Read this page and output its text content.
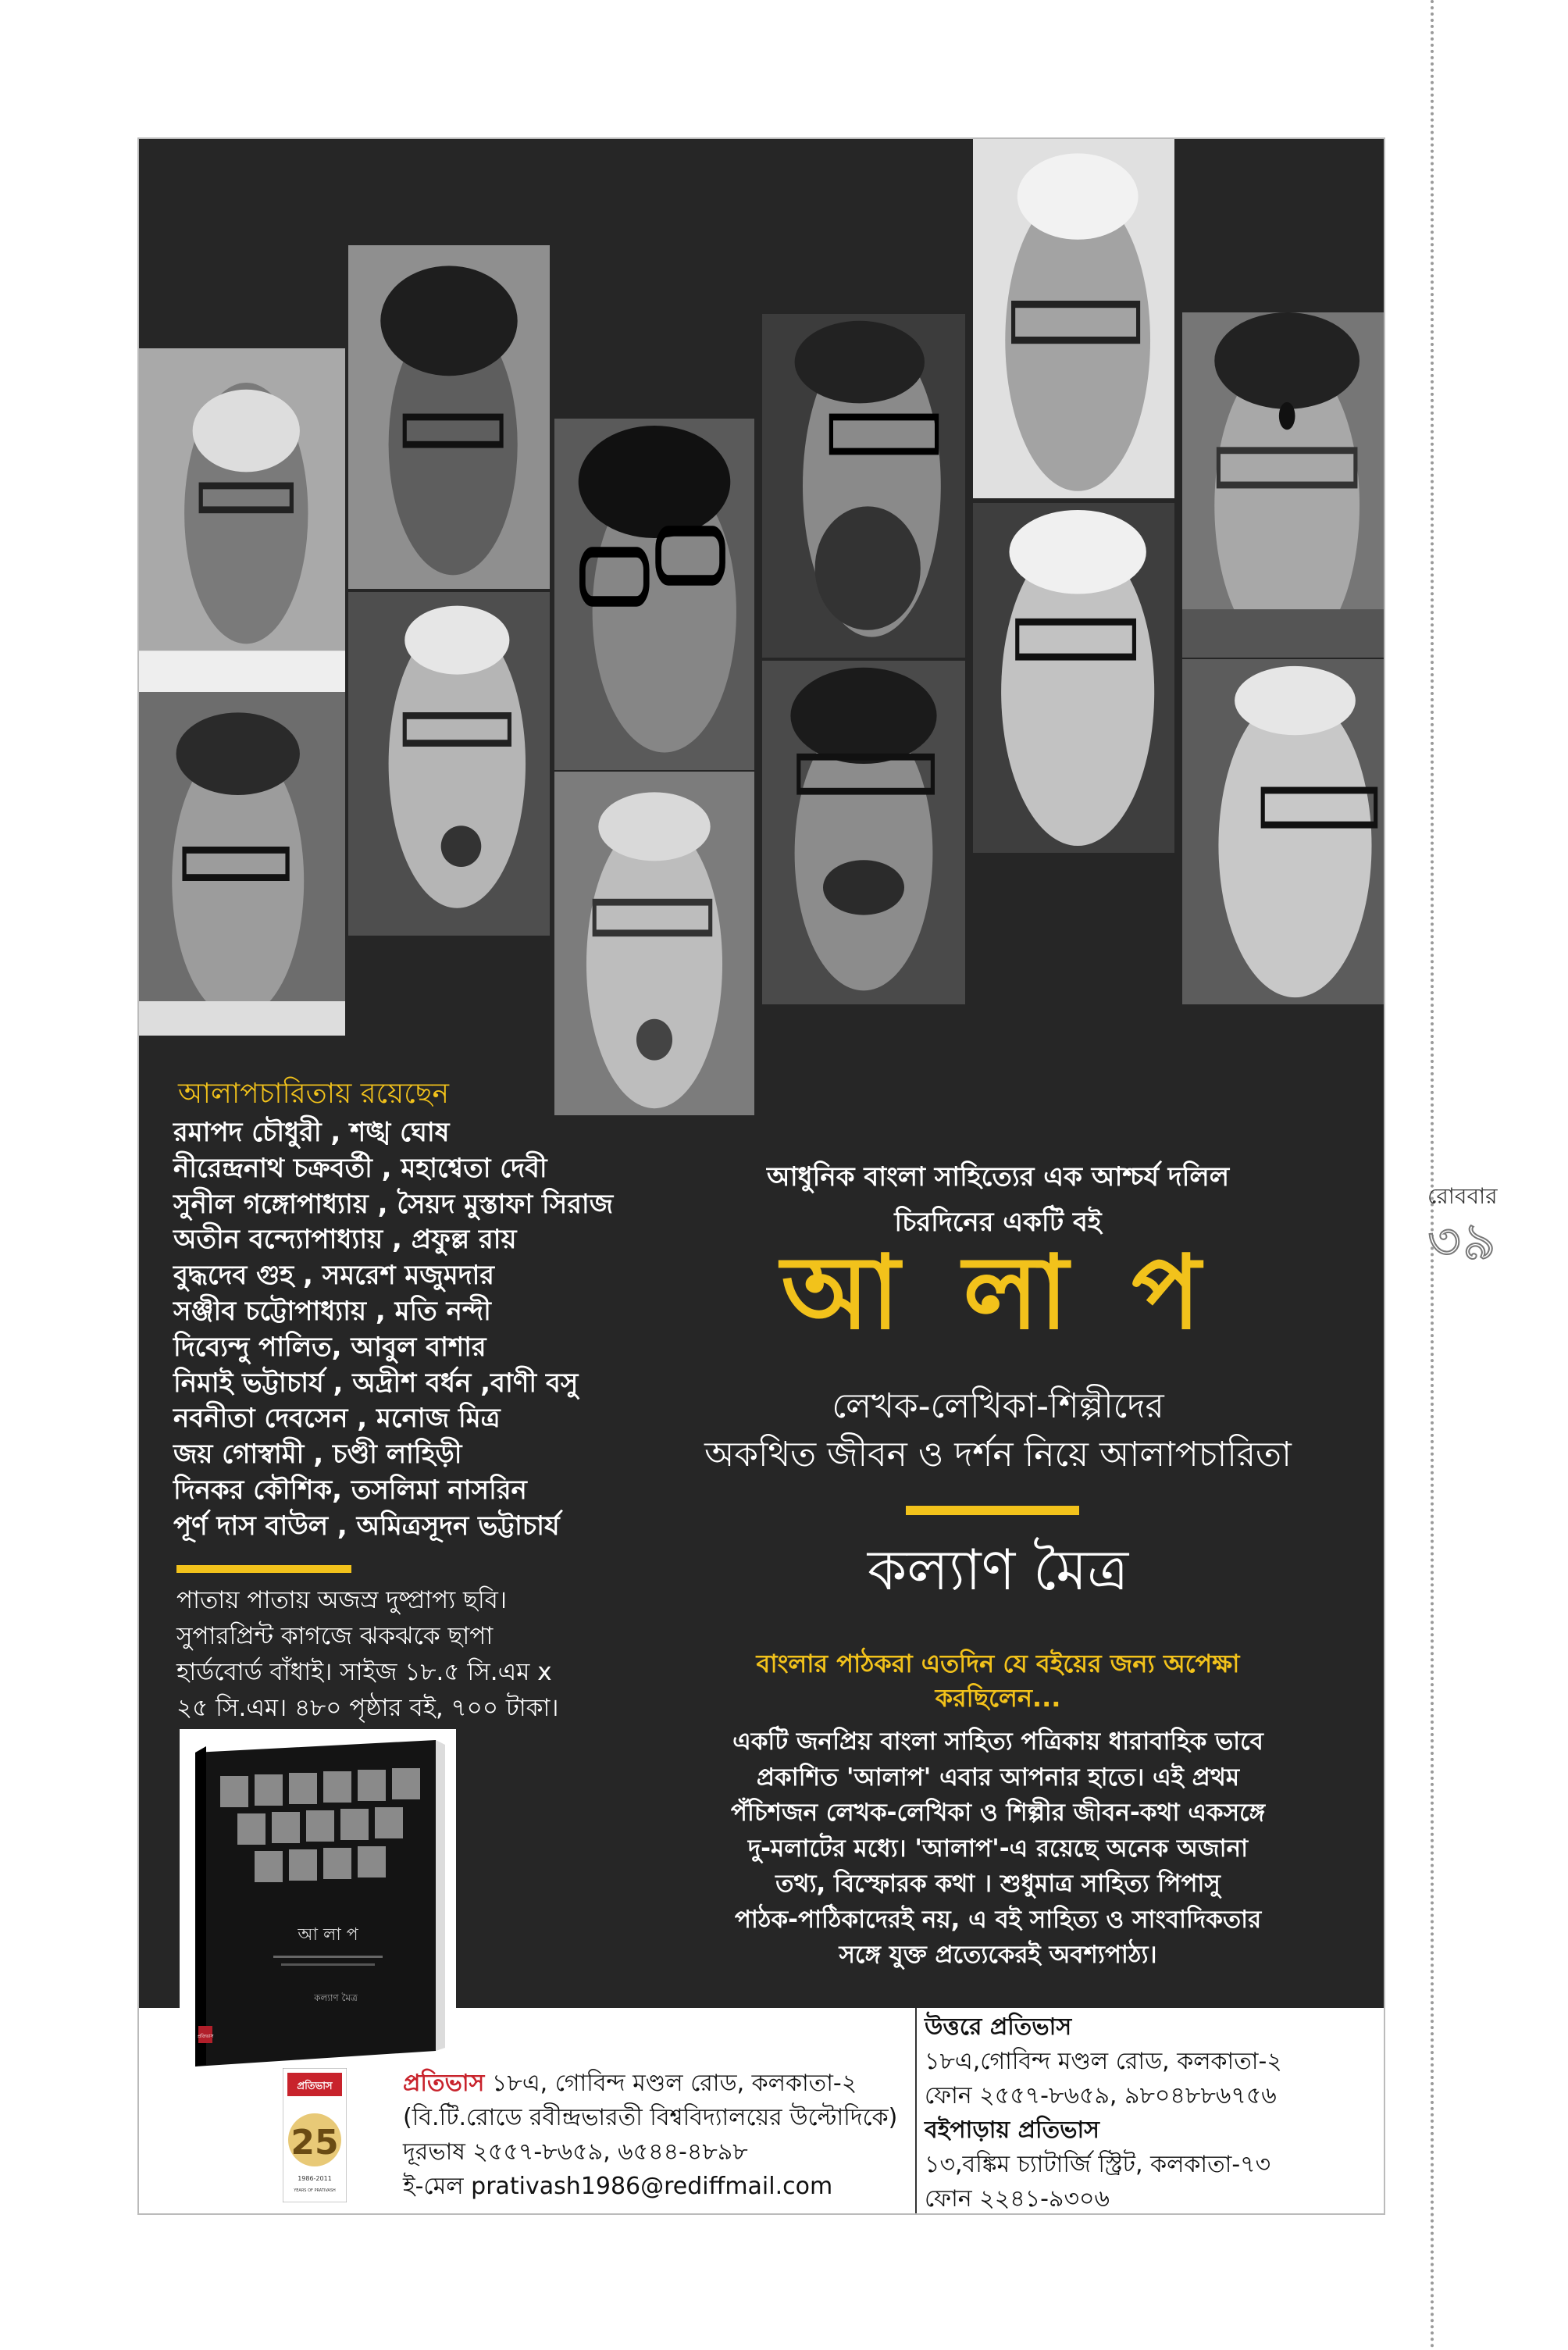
রোববার
৩৯
আলাপচারিতায় রয়েছেন
রমাপদ চৌধুরী , শঙ্খ ঘোষ
নীরেন্দ্রনাথ চক্রবর্তী , মহাশ্বেতা দেবী
সুনীল গঙ্গোপাধ্যায় , সৈয়দ মুস্তাফা সিরাজ
অতীন বন্দ্যোপাধ্যায় , প্রফুল্ল রায়
বুদ্ধদেব গুহ , সমরেশ মজুমদার
সঞ্জীব চট্টোপাধ্যায় , মতি নন্দী
দিব্যেন্দু পালিত, আবুল বাশার
নিমাই ভট্টাচার্য , অদ্রীশ বর্ধন ,বাণী বসু
নবনীতা দেবসেন , মনোজ মিত্র
জয় গোস্বামী , চণ্ডী লাহিড়ী
দিনকর কৌশিক, তসলিমা নাসরিন
পূর্ণ দাস বাউল , অমিত্রসূদন ভট্টাচার্য
পাতায় পাতায় অজস্র দুষ্প্রাপ্য ছবি।
সুপারপ্রিন্ট কাগজে ঝকঝকে ছাপা
হার্ডবোর্ড বাঁধাই। সাইজ ১৮.৫ সি.এম x
২৫ সি.এম। ৪৮০ পৃষ্ঠার বই, ৭০০ টাকা।
আ লা প
কল্যাণ মৈত্র
প্রতিভাস
আধুনিক বাংলা সাহিত্যের এক আশ্চর্য দলিল
চিরদিনের একটি বই
আ লা প
লেখক-লেখিকা-শিল্পীদের
অকথিত জীবন ও দর্শন নিয়ে আলাপচারিতা
কল্যাণ মৈত্র
বাংলার পাঠকরা এতদিন যে বইয়ের জন্য অপেক্ষা
করছিলেন...
একটি জনপ্রিয় বাংলা সাহিত্য পত্রিকায় ধারাবাহিক ভাবে
প্রকাশিত 'আলাপ' এবার আপনার হাতে। এই প্রথম
পঁচিশজন লেখক-লেখিকা ও শিল্পীর জীবন-কথা একসঙ্গে
দু-মলাটের মধ্যে। 'আলাপ'-এ রয়েছে অনেক অজানা
তথ্য, বিস্ফোরক কথা । শুধুমাত্র সাহিত্য পিপাসু
পাঠক-পাঠিকাদেরই নয়, এ বই সাহিত্য ও সাংবাদিকতার
সঙ্গে যুক্ত প্রত্যেকেরই অবশ্যপাঠ্য।
প্রতিভাস
25
1986-2011
YEARS OF PRATIVASH
প্রতিভাস ১৮এ, গোবিন্দ মণ্ডল রোড, কলকাতা-২
(বি.টি.রোডে রবীন্দ্রভারতী বিশ্ববিদ্যালয়ের উল্টোদিকে)
দূরভাষ ২৫৫৭-৮৬৫৯, ৬৫৪৪-৪৮৯৮
ই-মেল prativash1986@rediffmail.com
উত্তরে প্রতিভাস
১৮এ,গোবিন্দ মণ্ডল রোড, কলকাতা-২
ফোন ২৫৫৭-৮৬৫৯, ৯৮০৪৮৮৬৭৫৬
বইপাড়ায় প্রতিভাস
১৩,বঙ্কিম চ্যাটার্জি স্ট্রিট, কলকাতা-৭৩
ফোন ২২৪১-৯৩০৬
